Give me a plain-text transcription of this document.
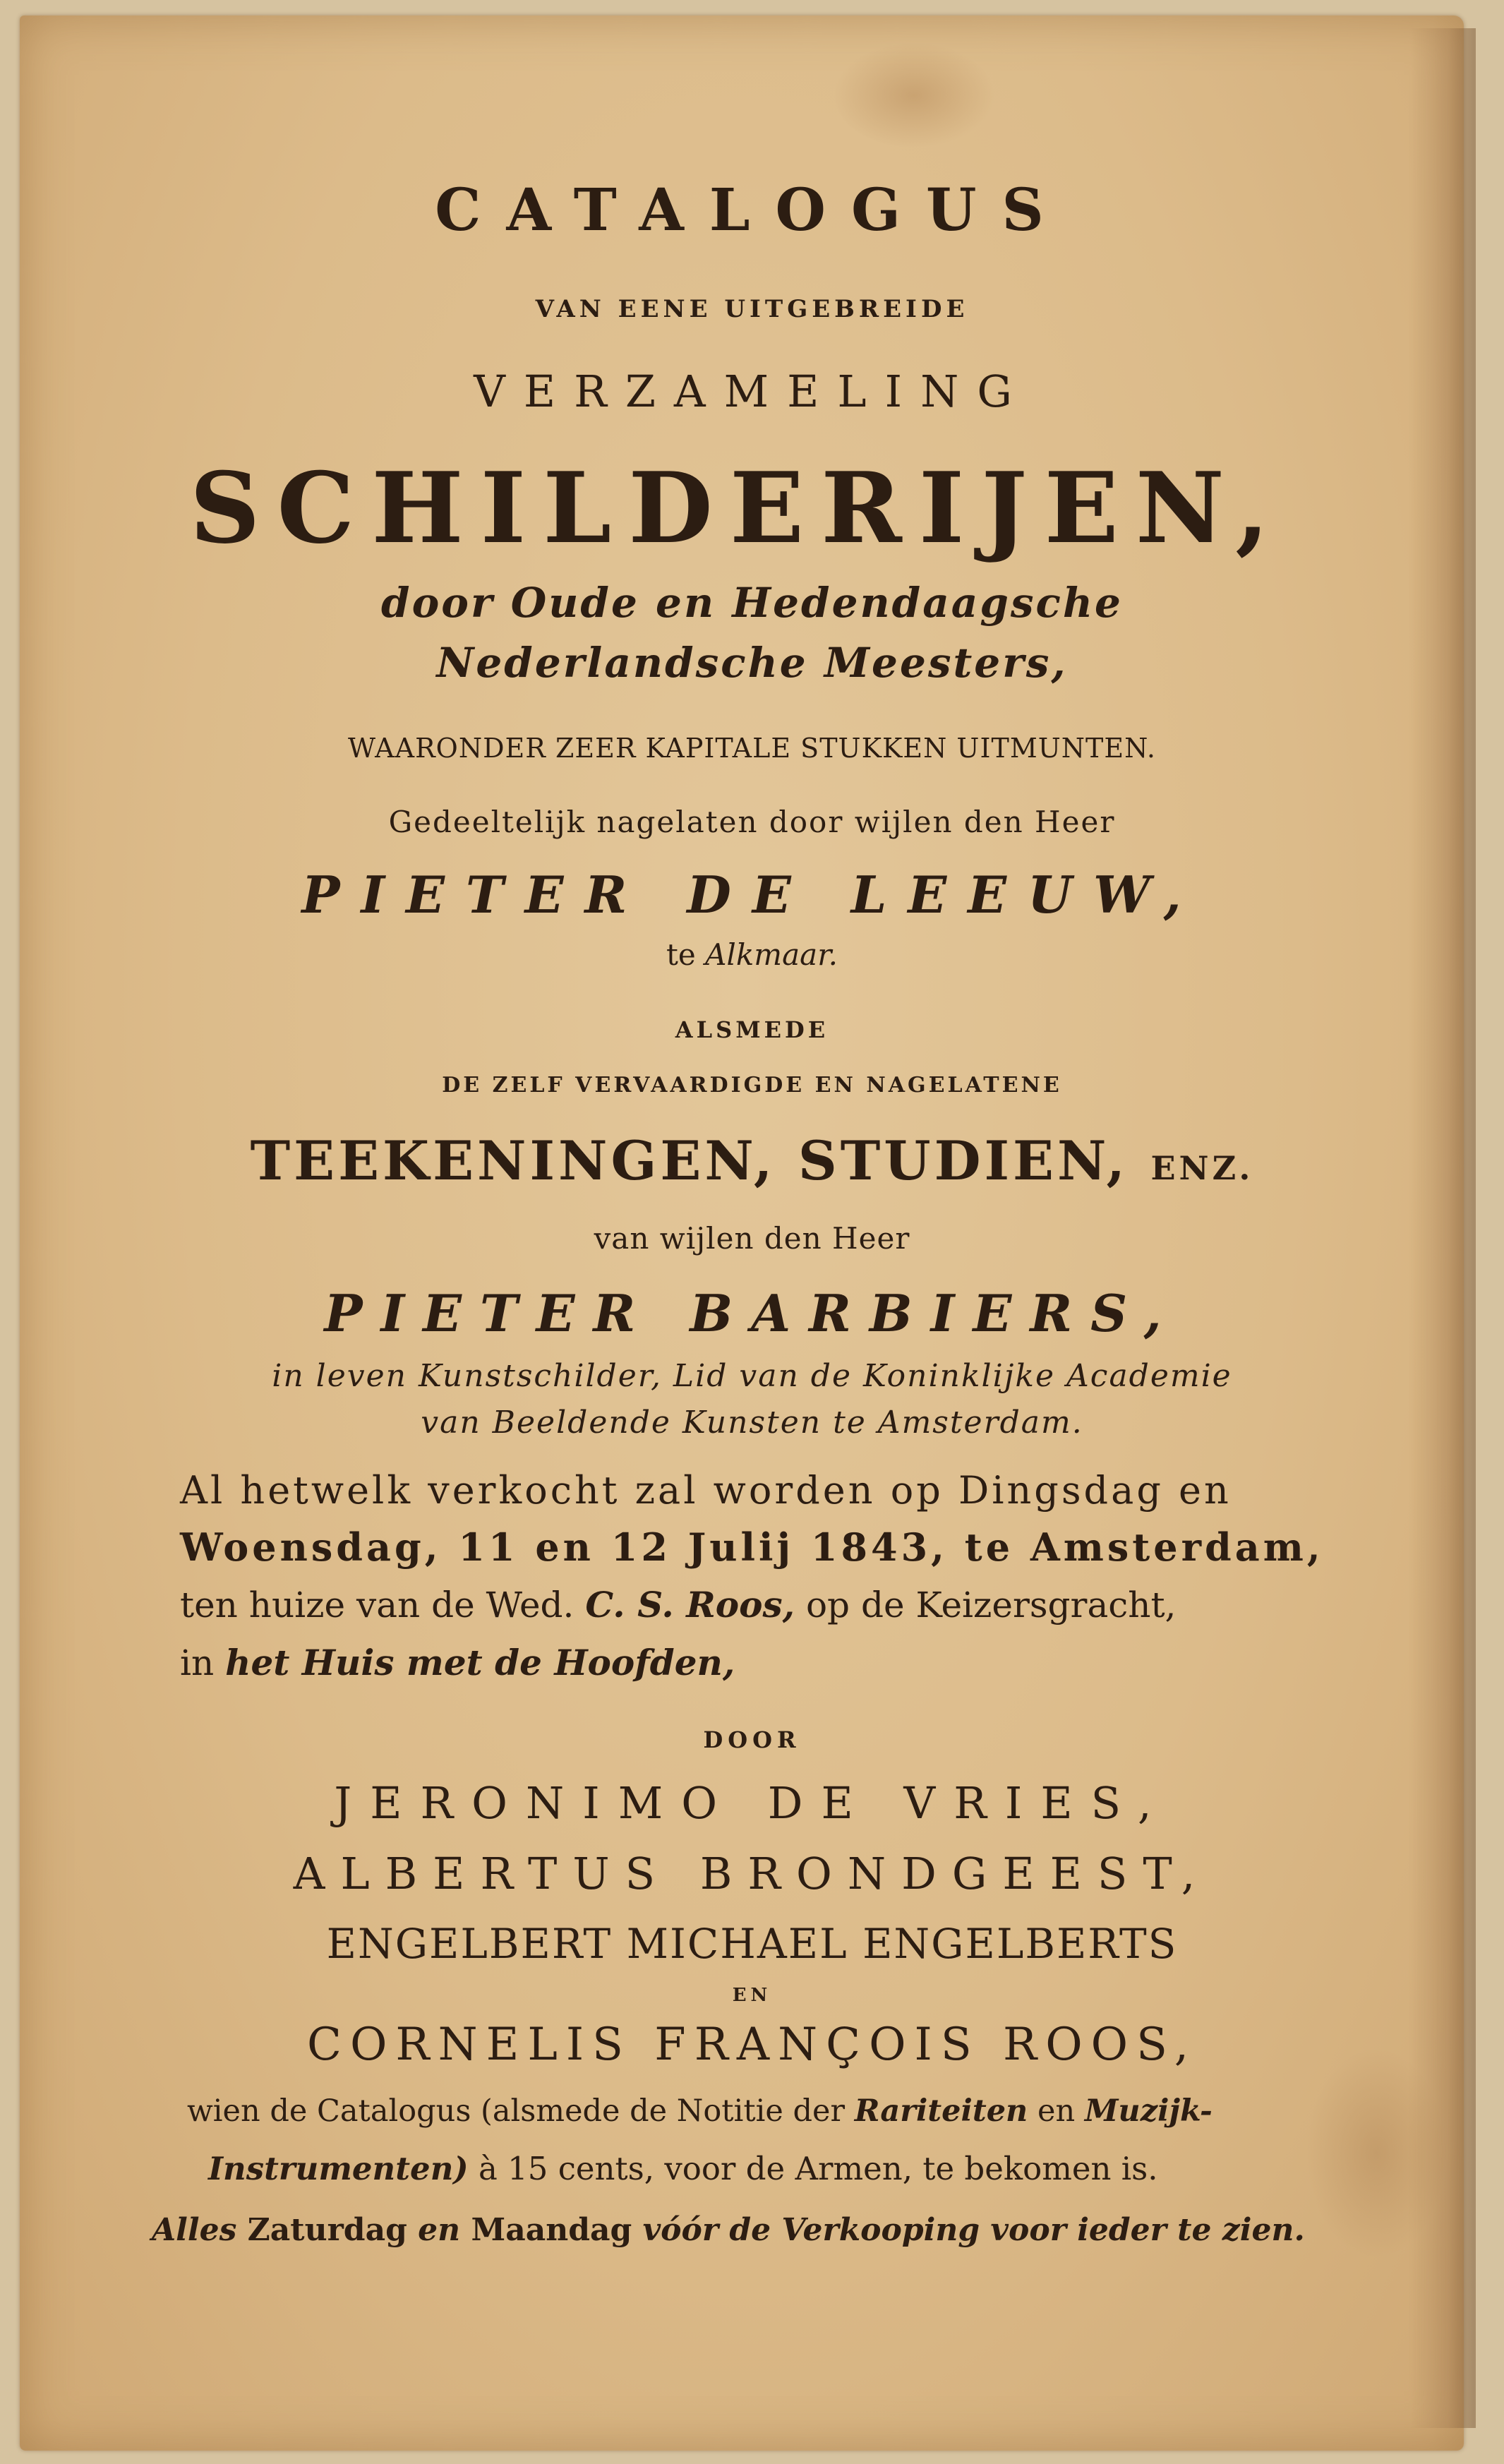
CATALOGUS
VAN EENE UITGEBREIDE
VERZAMELING
SCHILDERIJEN,
door Oude en Hedendaagsche
Nederlandsche Meesters,
WAARONDER ZEER KAPITALE STUKKEN UITMUNTEN.
Gedeeltelijk nagelaten door wijlen den Heer
PIETER DE LEEUW,
te Alkmaar.
ALSMEDE
DE ZELF VERVAARDIGDE EN NAGELATENE
TEEKENINGEN, STUDIEN, ENZ.
van wijlen den Heer
PIETER BARBIERS,
in leven Kunstschilder, Lid van de Koninklijke Academie
van Beeldende Kunsten te Amsterdam.
Al hetwelk verkocht zal worden op Dingsdag en
Woensdag, 11 en 12 Julij 1843, te Amsterdam,
ten huize van de Wed. C. S. Roos, op de Keizersgracht,
in het Huis met de Hoofden,
DOOR
JERONIMO DE VRIES,
ALBERTUS BRONDGEEST,
ENGELBERT MICHAEL ENGELBERTS
EN
CORNELIS FRANÇOIS ROOS,
wien de Catalogus (alsmede de Notitie der Rariteiten en Muzijk-
Instrumenten) à 15 cents, voor de Armen, te bekomen is.
Alles Zaturdag en Maandag vóór de Verkooping voor ieder te zien.
